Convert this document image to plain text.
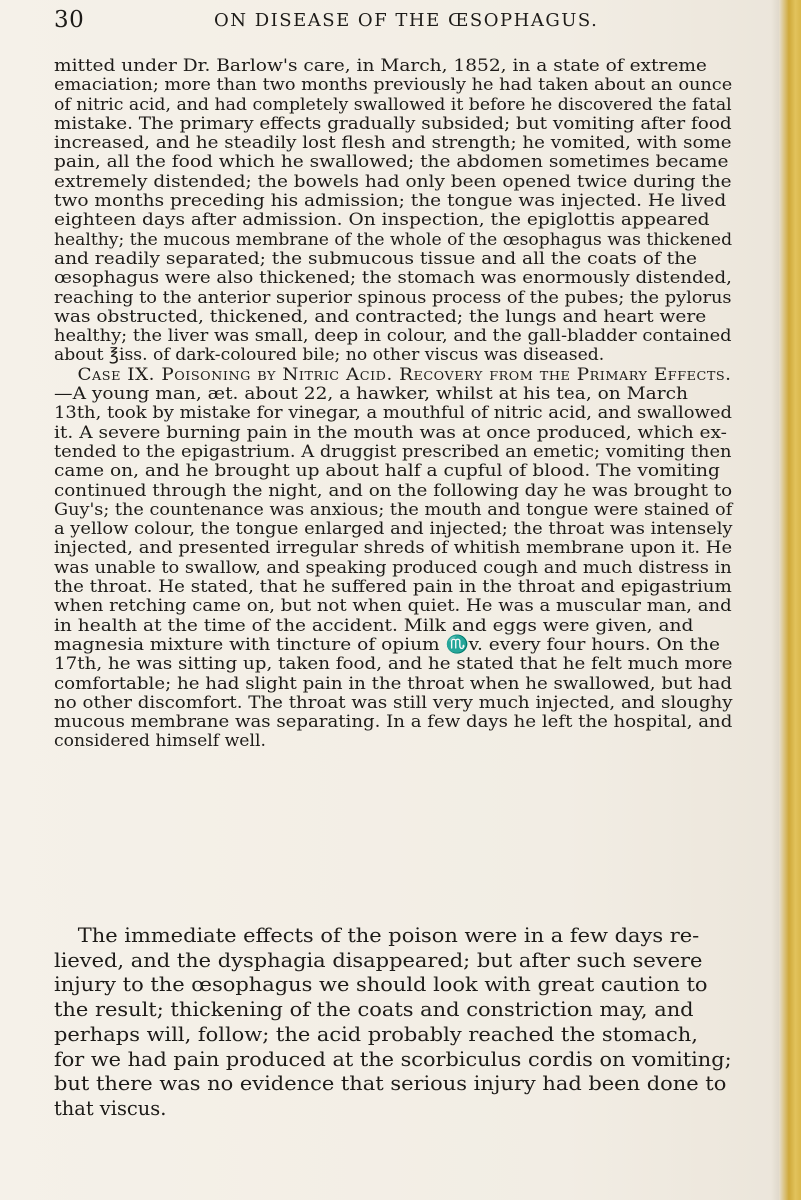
30	ON DISEASE OF THE ŒSOPHAGUS.
mitted under Dr. Barlow's care, in March, 1852, in a state of extreme
emaciation; more than two months previously he had taken about an ounce
of nitric acid, and had completely swallowed it before he discovered the fatal
mistake. The primary effects gradually subsided; but vomiting after food
increased, and he steadily lost flesh and strength; he vomited, with some
pain, all the food which he swallowed; the abdomen sometimes became
extremely distended; the bowels had only been opened twice during the
two months preceding his admission; the tongue was injected. He lived
eighteen days after admission. On inspection, the epiglottis appeared
healthy; the mucous membrane of the whole of the œsophagus was thickened
and readily separated; the submucous tissue and all the coats of the
œsophagus were also thickened; the stomach was enormously distended,
reaching to the anterior superior spinous process of the pubes; the pylorus
was obstructed, thickened, and contracted; the lungs and heart were
healthy; the liver was small, deep in colour, and the gall-bladder contained
about ℥iss. of dark-coloured bile; no other viscus was diseased.
Case IX. Poisoning by Nitric Acid. Recovery from the Primary Effects.
—A young man, æt. about 22, a hawker, whilst at his tea, on March
13th, took by mistake for vinegar, a mouthful of nitric acid, and swallowed
it. A severe burning pain in the mouth was at once produced, which ex-
tended to the epigastrium. A druggist prescribed an emetic; vomiting then
came on, and he brought up about half a cupful of blood. The vomiting
continued through the night, and on the following day he was brought to
Guy's; the countenance was anxious; the mouth and tongue were stained of
a yellow colour, the tongue enlarged and injected; the throat was intensely
injected, and presented irregular shreds of whitish membrane upon it. He
was unable to swallow, and speaking produced cough and much distress in
the throat. He stated, that he suffered pain in the throat and epigastrium
when retching came on, but not when quiet. He was a muscular man, and
in health at the time of the accident. Milk and eggs were given, and
magnesia mixture with tincture of opium ♏v. every four hours. On the
17th, he was sitting up, taken food, and he stated that he felt much more
comfortable; he had slight pain in the throat when he swallowed, but had
no other discomfort. The throat was still very much injected, and sloughy
mucous membrane was separating. In a few days he left the hospital, and
considered himself well.
The immediate effects of the poison were in a few days re-
lieved, and the dysphagia disappeared; but after such severe
injury to the œsophagus we should look with great caution to
the result; thickening of the coats and constriction may, and
perhaps will, follow; the acid probably reached the stomach,
for we had pain produced at the scorbiculus cordis on vomiting;
but there was no evidence that serious injury had been done to
that viscus.
